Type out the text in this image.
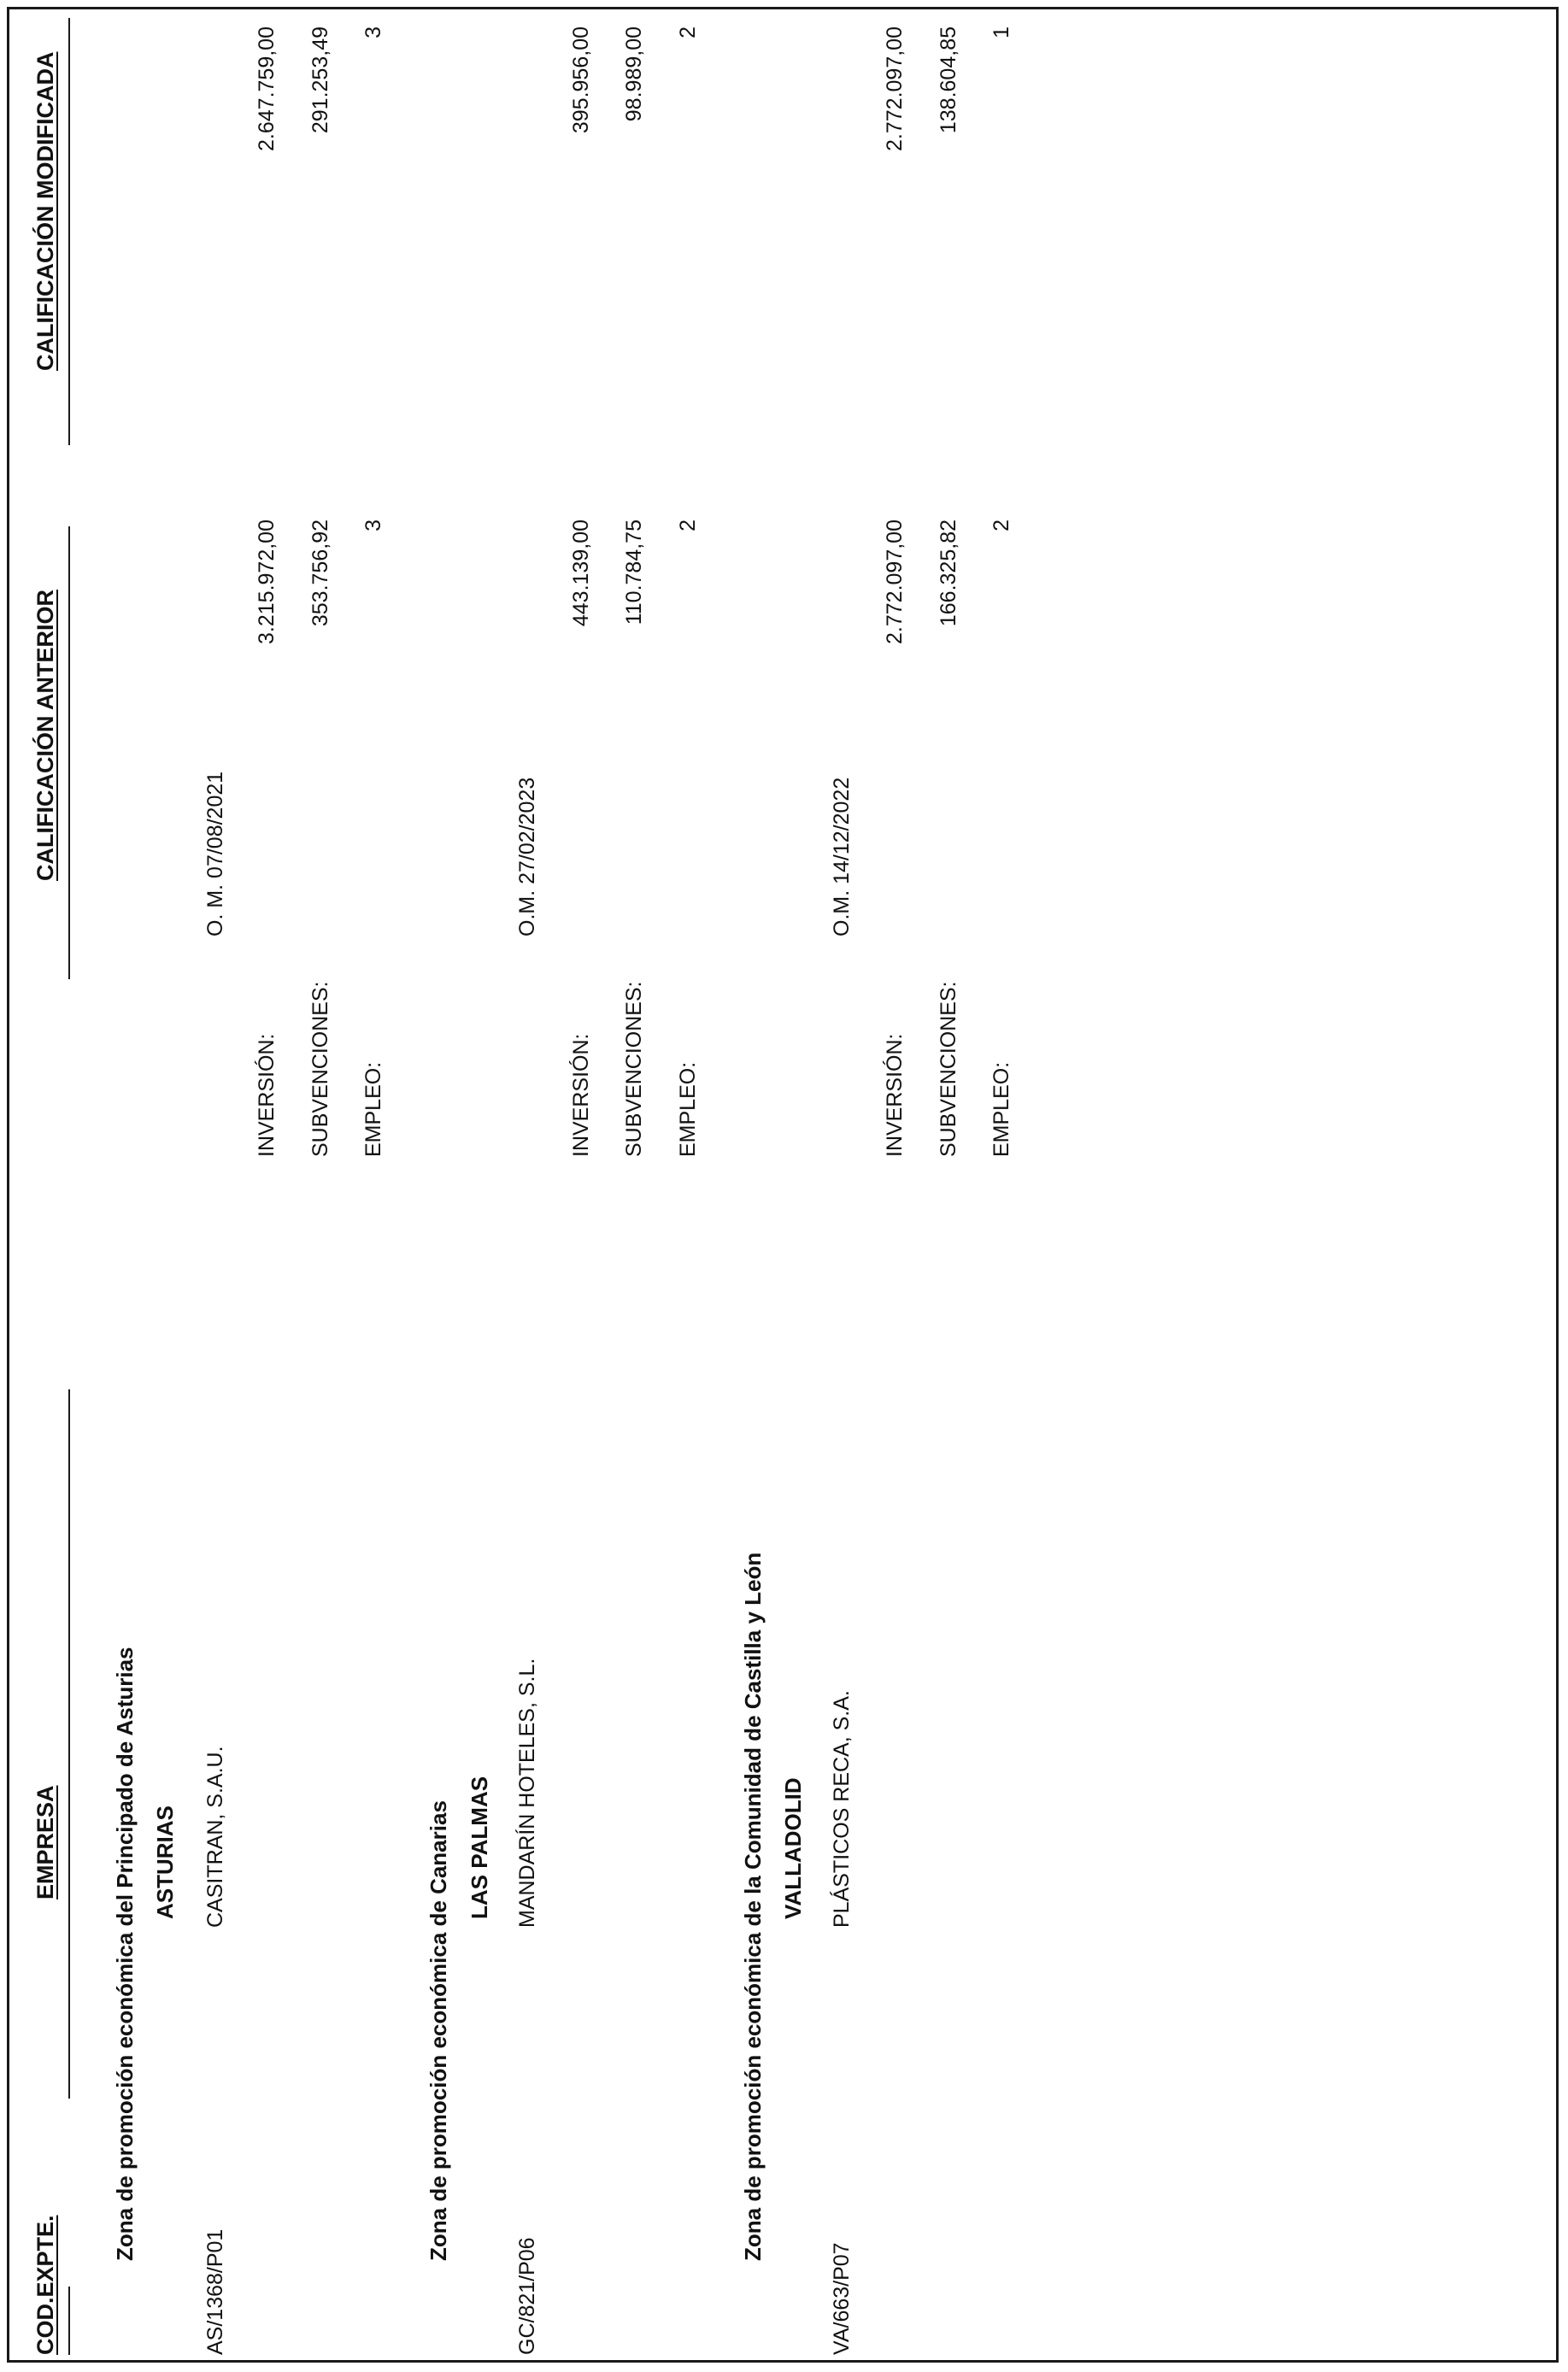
COD.EXPTE.
EMPRESA
CALIFICACIÓN ANTERIOR
CALIFICACIÓN MODIFICADA
Zona de promoción económica del Principado de Asturias ASTURIAS
AS/1368/P01
CASITRAN, S.A.U.
O. M. 07/08/2021
INVERSIÓN:
3.215.972,00
2.647.759,00
SUBVENCIONES:
353.756,92
291.253,49
EMPLEO:
3
3
Zona de promoción económica de Canarias LAS PALMAS
GC/821/P06
MANDARÍN HOTELES, S.L.
O.M. 27/02/2023
INVERSIÓN:
443.139,00
395.956,00
SUBVENCIONES:
110.784,75
98.989,00
EMPLEO:
2
2
Zona de promoción económica de la Comunidad de Castilla y León VALLADOLID
VA/663/P07
PLÁSTICOS RECA, S.A.
O.M. 14/12/2022
INVERSIÓN:
2.772.097,00
2.772.097,00
SUBVENCIONES:
166.325,82
138.604,85
EMPLEO:
2
1
